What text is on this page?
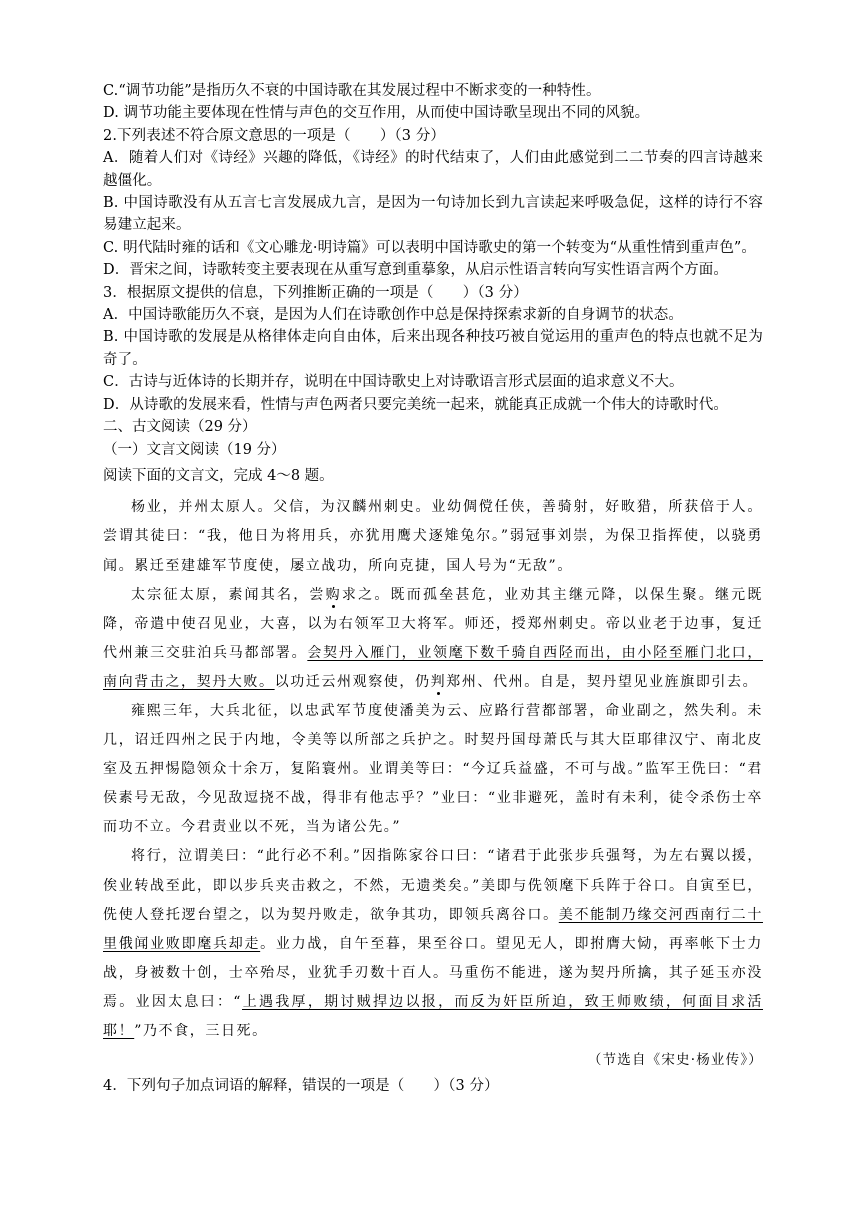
C.“调节功能”是指历久不衰的中国诗歌在其发展过程中不断求变的一种特性。

D. 调节功能主要体现在性情与声色的交互作用，从而使中国诗歌呈现出不同的风貌。

2.下列表述不符合原文意思的一项是（　　）（3 分）

A．随着人们对《诗经》兴趣的降低，《诗经》的时代结束了，人们由此感觉到二二节奏的四言诗越来越僵化。

B. 中国诗歌没有从五言七言发展成九言，是因为一句诗加长到九言读起来呼吸急促，这样的诗行不容易建立起来。

C. 明代陆时雍的话和《文心雕龙·明诗篇》可以表明中国诗歌史的第一个转变为“从重性情到重声色”。

D．晋宋之间，诗歌转变主要表现在从重写意到重摹象，从启示性语言转向写实性语言两个方面。

3．根据原文提供的信息，下列推断正确的一项是（　　）（3 分）

A．中国诗歌能历久不衰，是因为人们在诗歌创作中总是保持探索求新的自身调节的状态。

B. 中国诗歌的发展是从格律体走向自由体，后来出现各种技巧被自觉运用的重声色的特点也就不足为奇了。

C．古诗与近体诗的长期并存，说明在中国诗歌史上对诗歌语言形式层面的追求意义不大。

D．从诗歌的发展来看，性情与声色两者只要完美统一起来，就能真正成就一个伟大的诗歌时代。

二、古文阅读（29 分）

（一）文言文阅读（19 分）

阅读下面的文言文，完成 4～8 题。

杨业，并州太原人。父信，为汉麟州刺史。业幼倜傥任侠，善骑射，好畋猎，所获倍于人。尝谓其徒曰：“我，他日为将用兵，亦犹用鹰犬逐雉兔尔。”弱冠事刘崇，为保卫指挥使，以骁勇闻。累迁至建雄军节度使，屡立战功，所向克捷，国人号为“无敌”。

太宗征太原，素闻其名，尝购求之。既而孤垒甚危，业劝其主继元降，以保生聚。继元既降，帝遣中使召见业，大喜，以为右领军卫大将军。师还，授郑州刺史。帝以业老于边事，复迁代州兼三交驻泊兵马都部署。会契丹入雁门，业领麾下数千骑自西陉而出，由小陉至雁门北口，南向背击之，契丹大败。以功迁云州观察使，仍判郑州、代州。自是，契丹望见业旌旗即引去。

雍熙三年，大兵北征，以忠武军节度使潘美为云、应路行营都部署，命业副之，然失利。未几，诏迁四州之民于内地，令美等以所部之兵护之。时契丹国母萧氏与其大臣耶律汉宁、南北皮室及五押惕隐领众十余万，复陷寰州。业谓美等曰：“今辽兵益盛，不可与战。”监军王侁曰：“君侯素号无敌，今见敌逗挠不战，得非有他志乎？”业曰：“业非避死，盖时有未利，徒令杀伤士卒而功不立。今君责业以不死，当为诸公先。”

将行，泣谓美曰：“此行必不利。”因指陈家谷口曰：“诸君于此张步兵强弩，为左右翼以援，俟业转战至此，即以步兵夹击救之，不然，无遗类矣。”美即与侁领麾下兵阵于谷口。自寅至巳，侁使人登托逻台望之，以为契丹败走，欲争其功，即领兵离谷口。美不能制乃缘交河西南行二十里俄闻业败即麾兵却走。业力战，自午至暮，果至谷口。望见无人，即拊膺大恸，再率帐下士力战，身被数十创，士卒殆尽，业犹手刃数十百人。马重伤不能进，遂为契丹所擒，其子延玉亦没焉。业因太息曰：“上遇我厚，期讨贼捍边以报，而反为奸臣所迫，致王师败绩，何面目求活耶！”乃不食，三日死。

（节选自《宋史·杨业传》）

4．下列句子加点词语的解释，错误的一项是（　　）（3 分）
